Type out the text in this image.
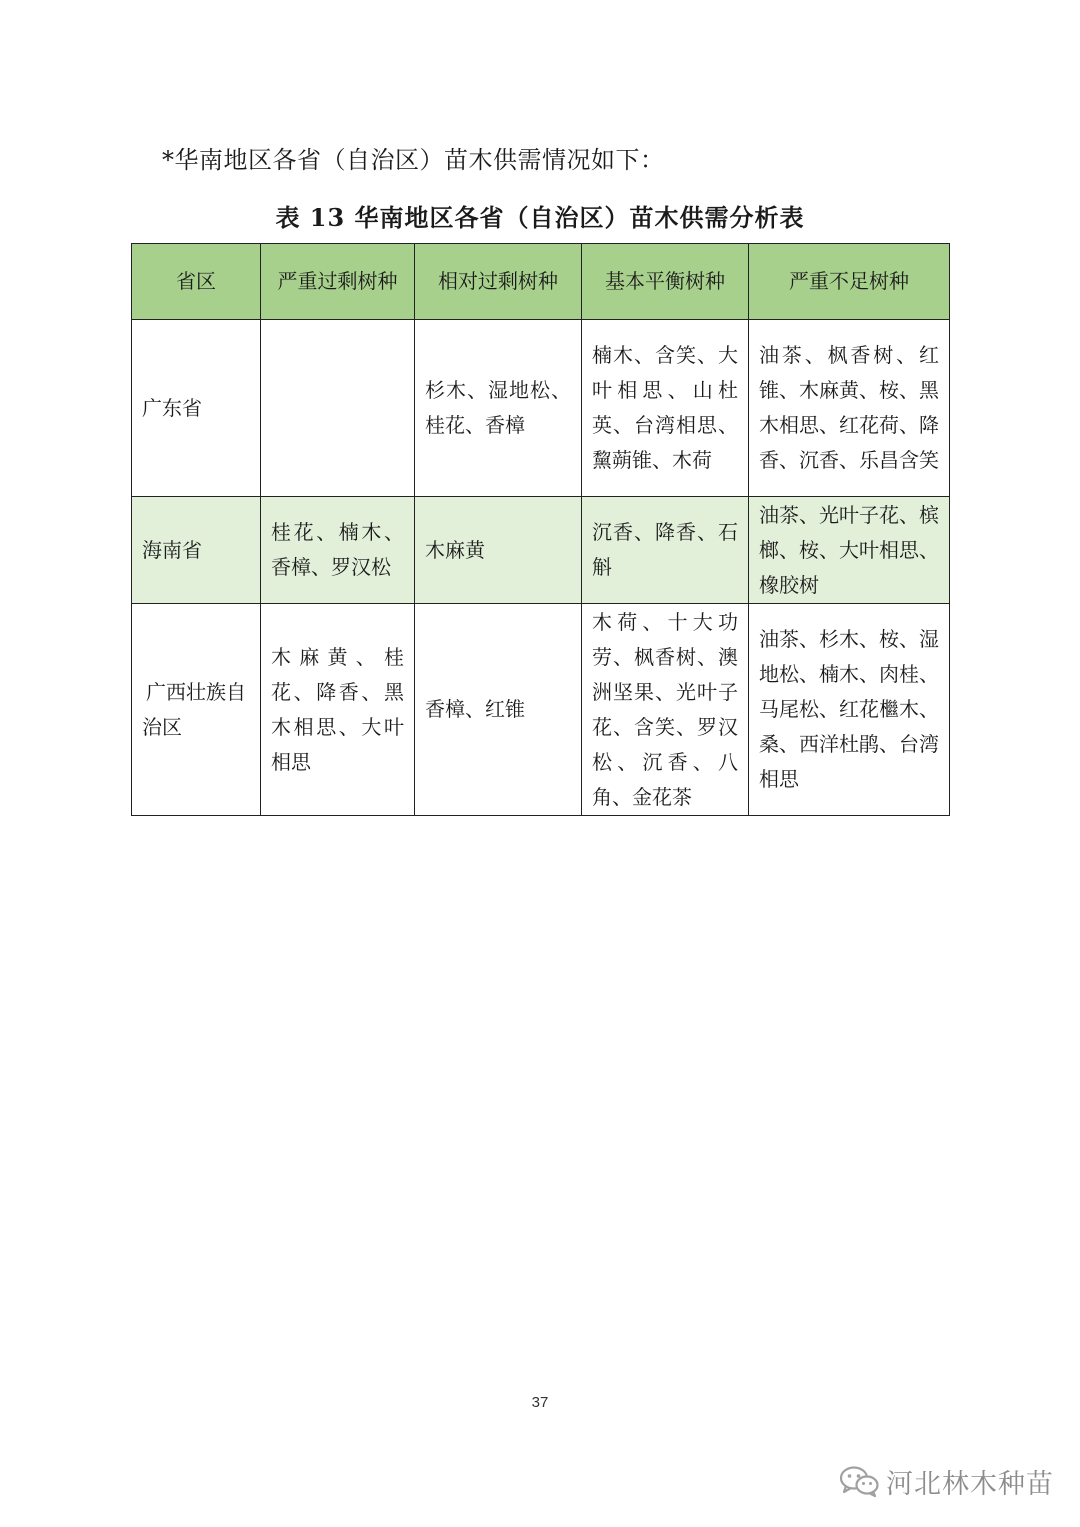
*华南地区各省（自治区）苗木供需情况如下：
表 13 华南地区各省（自治区）苗木供需分析表
省区	严重过剩树种	相对过剩树种	基本平衡树种	严重不足树种
广东省		杉木、湿地松、桂花、香樟	楠木、含笑、大叶相思、山杜英、台湾相思、黧蒴锥、木荷	油茶、枫香树、红锥、木麻黄、桉、黑木相思、红花荷、降香、沉香、乐昌含笑
海南省	桂花、楠木、香樟、罗汉松	木麻黄	沉香、降香、石斛	油茶、光叶子花、槟榔、桉、大叶相思、橡胶树
广西壮族自治区	木麻黄、桂花、降香、黑木相思、大叶相思	香樟、红锥	木荷、十大功劳、枫香树、澳洲坚果、光叶子花、含笑、罗汉松、沉香、八角、金花茶	油茶、杉木、桉、湿地松、楠木、肉桂、马尾松、红花檵木、桑、西洋杜鹃、台湾相思
37
河北林木种苗
